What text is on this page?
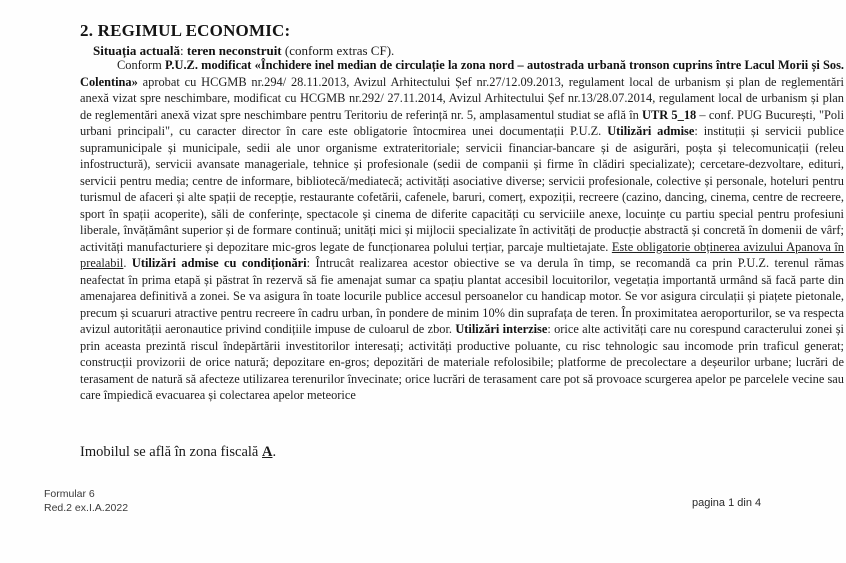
2. REGIMUL ECONOMIC:
Situația actuală: teren neconstruit (conform extras CF).
Conform P.U.Z. modificat «Închidere inel median de circulație la zona nord – autostrada urbană tronson cuprins între Lacul Morii și Sos. Colentina» aprobat cu HCGMB nr.294/ 28.11.2013, Avizul Arhitectului Șef nr.27/12.09.2013, regulament local de urbanism și plan de reglementări anexă vizat spre neschimbare, modificat cu HCGMB nr.292/ 27.11.2014, Avizul Arhitectului Șef nr.13/28.07.2014, regulament local de urbanism și plan de reglementări anexă vizat spre neschimbare pentru Teritoriu de referință nr. 5, amplasamentul studiat se află în UTR 5_18 – conf. PUG București, "Poli urbani principali", cu caracter director în care este obligatorie întocmirea unei documentații P.U.Z. Utilizări admise: instituții și servicii publice supramunicipale și municipale, sedii ale unor organisme extrateritoriale; servicii financiar-bancare și de asigurări, poșta și telecomunicații (releu infostructură), servicii avansate manageriale, tehnice și profesionale (sedii de companii și firme în clădiri specializate); cercetare-dezvoltare, edituri, servicii pentru media; centre de informare, bibliotecă/mediatecă; activități asociative diverse; servicii profesionale, colective și personale, hoteluri pentru turismul de afaceri și alte spații de recepție, restaurante cofetării, cafenele, baruri, comerț, expoziții, recreere (cazino, dancing, cinema, centre de recreere, sport în spații acoperite), săli de conferințe, spectacole și cinema de diferite capacități cu serviciile anexe, locuințe cu partiu special pentru profesiuni liberale, învățământ superior și de formare continuă; unități mici și mijlocii specializate în activități de producție abstractă și concretă în domenii de vârf; activități manufacturiere și depozitare mic-gros legate de funcționarea polului terțiar, parcaje multietajate. Este obligatorie obținerea avizului Apanova în prealabil. Utilizări admise cu condiționări: Întrucât realizarea acestor obiective se va derula în timp, se recomandă ca prin P.U.Z. terenul rămas neafectat în prima etapă și păstrat în rezervă să fie amenajat sumar ca spațiu plantat accesibil locuitorilor, vegetația importantă urmând să facă parte din amenajarea definitivă a zonei. Se va asigura în toate locurile publice accesul persoanelor cu handicap motor. Se vor asigura circulații și piațete pietonale, precum și scuaruri atractive pentru recreere în cadru urban, în pondere de minim 10% din suprafața de teren. În proximitatea aeroporturilor, se va respecta avizul autorității aeronautice privind condițiile impuse de culoarul de zbor. Utilizări interzise: orice alte activități care nu corespund caracterului zonei și prin aceasta prezintă riscul îndepărtării investitorilor interesați; activități productive poluante, cu risc tehnologic sau incomode prin traficul generat; construcții provizorii de orice natură; depozitare en-gros; depozitări de materiale refolosibile; platforme de precolectare a deșeurilor urbane; lucrări de terasament de natură să afecteze utilizarea terenurilor învecinate; orice lucrări de terasament care pot să provoace scurgerea apelor pe parcelele vecine sau care împiedică evacuarea și colectarea apelor meteorice
Imobilul se află în zona fiscală A.
Formular 6
Red.2 ex.I.A.2022	pagina 1 din 4
